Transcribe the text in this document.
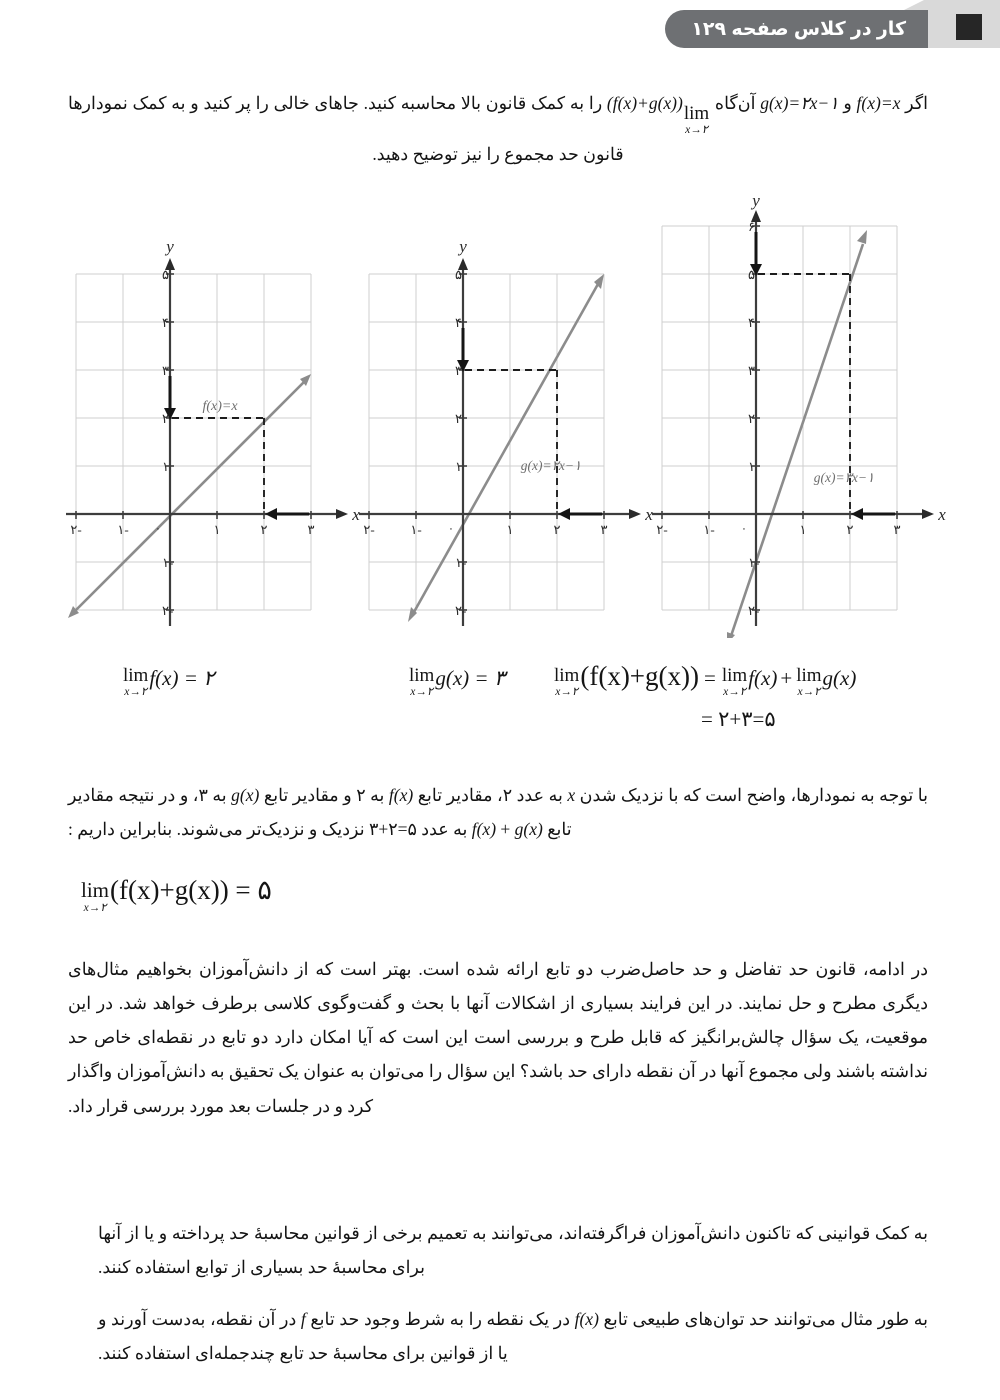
کار در کلاس صفحه ۱۲۹
اگر f(x)=x و g(x)=۲x−۱ آن‌گاه
lim
x→۲
(f(x)+g(x)) را به کمک قانون بالا محاسبه کنید. جاهای خالی را پر کنید و به کمک نمودارها قانون حد مجموع را نیز توضیح دهید.
-۲	-۱ ۰	۱	۲	۳
۵
۴
۳
۲
۱
-۱
-۲
x
y
f(x)=x
-۲	-۱ ۰	۱	۲	۳
۵
۴
۳
۲
۱
-۱
-۲
x
y
g(x)=۲x−۱
-۲	-۱ ۰	۱	۲	۳
۶
۵
۴
۳
۲
۱
-۱
-۲
x
y
g(x)=۳x−۱
lim
x→۲
f(x) = ۲	lim
x→۲
g(x) = ۳	lim
x→۲
(f(x)+g(x)) = lim
x→۲
f(x) + lim
x→۲
g(x)
= ۲+۳=۵
با توجه به نمودارها، واضح است که با نزدیک شدن x به عدد ۲، مقادیر تابع f(x) به ۲ و مقادیر تابع g(x) به ۳، و در نتیجه مقادیر تابع f(x) + g(x) به عدد ۵=۲+۳ نزدیک و نزدیک‌تر می‌شوند. بنابراین داریم :
lim
x→۲
(f(x)+g(x)) = ۵
در ادامه، قانون حد تفاضل و حد حاصل‌ضرب دو تابع ارائه شده است. بهتر است که از دانش‌آموزان بخواهیم مثال‌های دیگری مطرح و حل نمایند. در این فرایند بسیاری از اشکالات آنها با بحث و گفت‌وگوی کلاسی برطرف خواهد شد. در این موقعیت، یک سؤال چالش‌برانگیز که قابل طرح و بررسی است این است که آیا امکان دارد دو تابع در نقطه‌ای خاص حد نداشته باشند ولی مجموع آنها در آن نقطه دارای حد باشد؟ این سؤال را می‌توان به عنوان یک تحقیق به دانش‌آموزان واگذار کرد و در جلسات بعد مورد بررسی قرار داد.
به کمک قوانینی که تاکنون دانش‌آموزان فراگرفته‌اند، می‌توانند به تعمیم برخی از قوانین محاسبهٔ حد پرداخته و یا از آنها برای محاسبهٔ حد بسیاری از توابع استفاده کنند.
به طور مثال می‌توانند حد توان‌های طبیعی تابع f(x) در یک نقطه را به شرط وجود حد تابع f در آن نقطه، به‌دست آورند و یا از قوانین برای محاسبهٔ حد تابع چندجمله‌ای استفاده کنند.
